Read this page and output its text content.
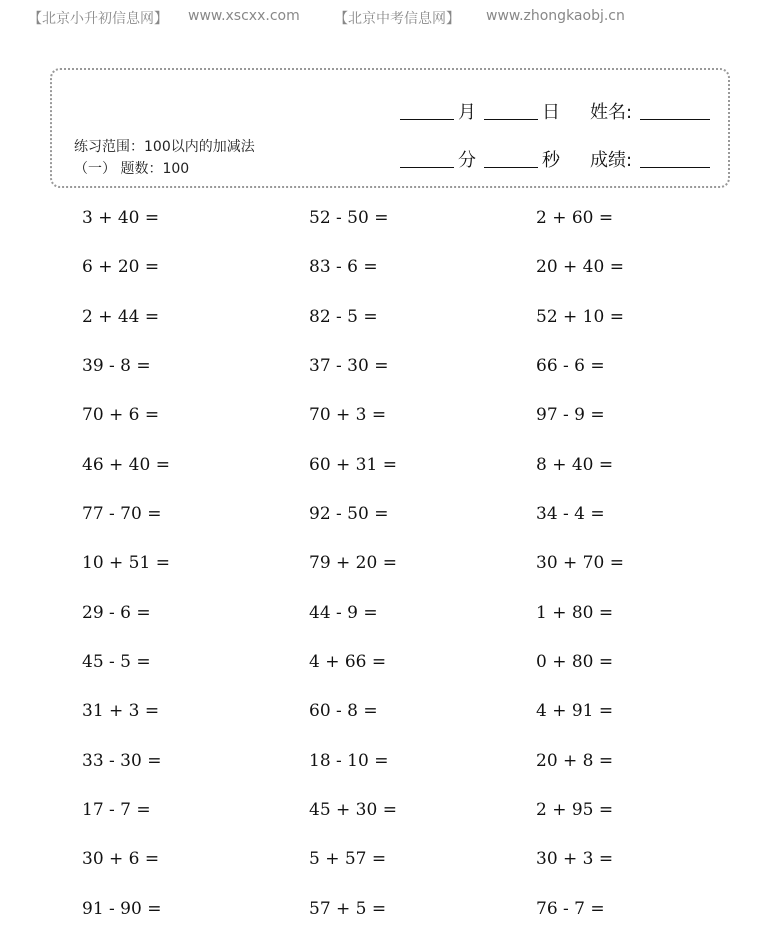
【北京小升初信息网】 www.xscxx.com 【北京中考信息网】 www.zhongkaobj.cn
练习范围：100以内的加减法
（一） 题数：100
月	日 姓名:
分	秒 成绩:
3 + 40 =	52 - 50 =	2 + 60 =
6 + 20 =	83 - 6 =	20 + 40 =
2 + 44 =	82 - 5 =	52 + 10 =
39 - 8 =	37 - 30 =	66 - 6 =
70 + 6 =	70 + 3 =	97 - 9 =
46 + 40 =	60 + 31 =	8 + 40 =
77 - 70 =	92 - 50 =	34 - 4 =
10 + 51 =	79 + 20 =	30 + 70 =
29 - 6 =	44 - 9 =	1 + 80 =
45 - 5 =	4 + 66 =	0 + 80 =
31 + 3 =	60 - 8 =	4 + 91 =
33 - 30 =	18 - 10 =	20 + 8 =
17 - 7 =	45 + 30 =	2 + 95 =
30 + 6 =	5 + 57 =	30 + 3 =
91 - 90 =	57 + 5 =	76 - 7 =
